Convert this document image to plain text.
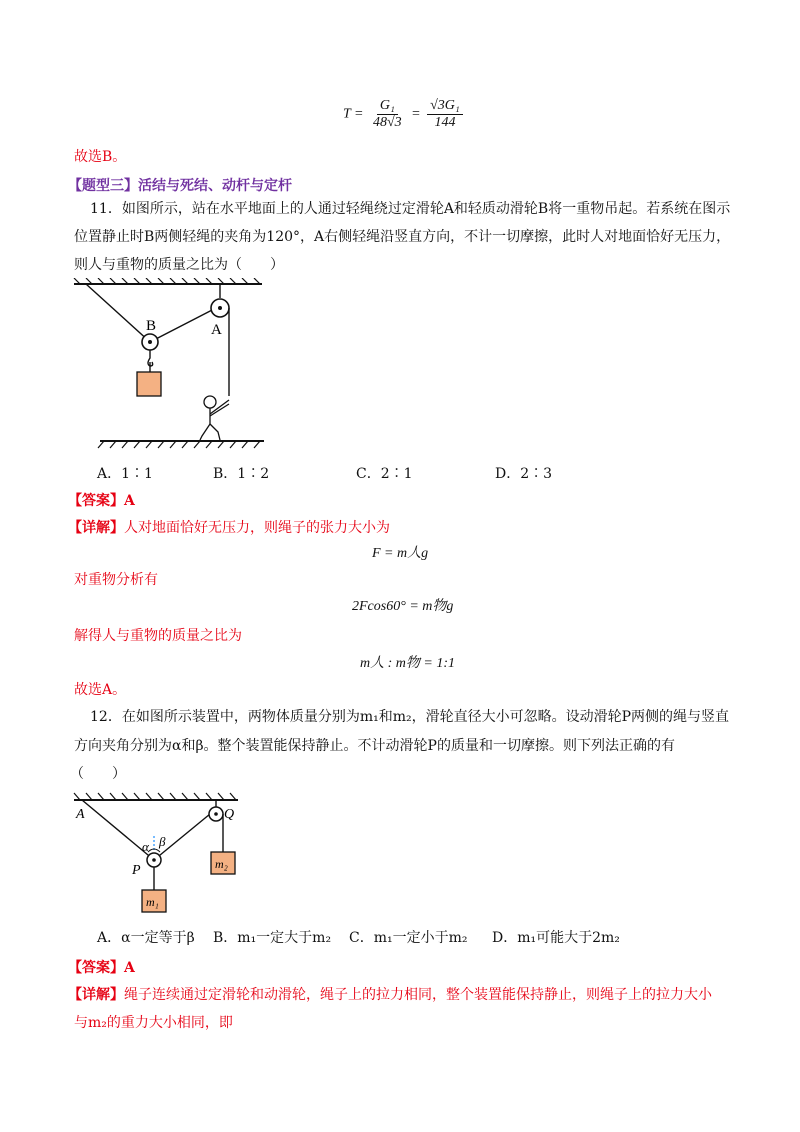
$T = \frac{\text{G₁}}{48√3} = \frac{\text{√3G₁}}{144}$
故选B。
【题型三】活结与死结、动杆与定杆
11．如图所示，站在水平地面上的人通过轻绳绕过定滑轮A和轻质动滑轮B将一重物吊起。若系统在图示
位置静止时B两侧轻绳的夹角为120°，A右侧轻绳沿竖直方向，不计一切摩擦，此时人对地面恰好无压力，
则人与重物的质量之比为（　　）
B	A
A．1∶1	B．1∶2	C．2∶1	D．2∶3
【答案】A
【详解】人对地面恰好无压力，则绳子的张力大小为
F = m人g
对重物分析有
2Fcos60° = m物g
解得人与重物的质量之比为
m人 : m物 = 1:1
故选A。
12．在如图所示装置中，两物体质量分别为m₁和m₂，滑轮直径大小可忽略。设动滑轮P两侧的绳与竖直
方向夹角分别为α和β。整个装置能保持静止。不计动滑轮P的质量和一切摩擦。则下列法正确的有
（　　）
A	Q
P
α β
m₂
m₁
A．α一定等于β B．m₁一定大于m₂ C．m₁一定小于m₂ D．m₁可能大于2m₂
【答案】A
【详解】绳子连续通过定滑轮和动滑轮，绳子上的拉力相同，整个装置能保持静止，则绳子上的拉力大小
与m₂的重力大小相同，即
